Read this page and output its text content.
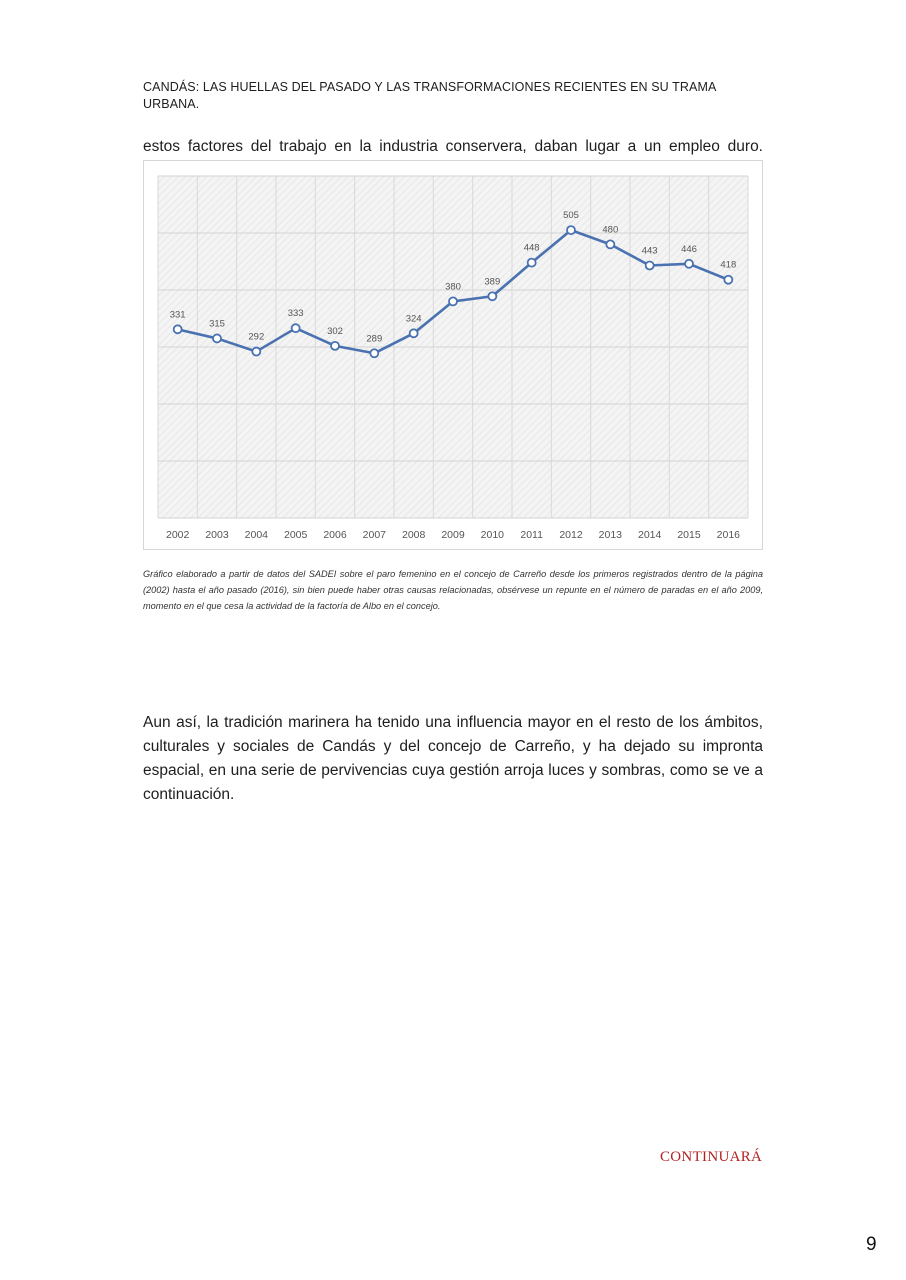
CANDÁS: LAS HUELLAS DEL PASADO Y LAS TRANSFORMACIONES RECIENTES EN SU TRAMA URBANA.
estos factores del trabajo en la industria conservera, daban lugar a un empleo duro.
331
315
292
333
302
289
324
380 389
448
505
480
443 446
418
2002 2003 2004 2005 2006 2007 2008 2009 2010 2011 2012 2013 2014 2015 2016
Gráfico elaborado a partir de datos del SADEI sobre el paro femenino en el concejo de Carreño desde los primeros registrados dentro de la página (2002) hasta el año pasado (2016), sin bien puede haber otras causas relacionadas, obsérvese un repunte en el número de paradas en el año 2009, momento en el que cesa la actividad de la factoría de Albo en el concejo.
Aun así, la tradición marinera ha tenido una influencia mayor en el resto de los ámbitos, culturales y sociales de Candás y del concejo de Carreño, y ha dejado su impronta espacial, en una serie de pervivencias cuya gestión arroja luces y sombras, como se ve a continuación.
CONTINUARÁ
9
